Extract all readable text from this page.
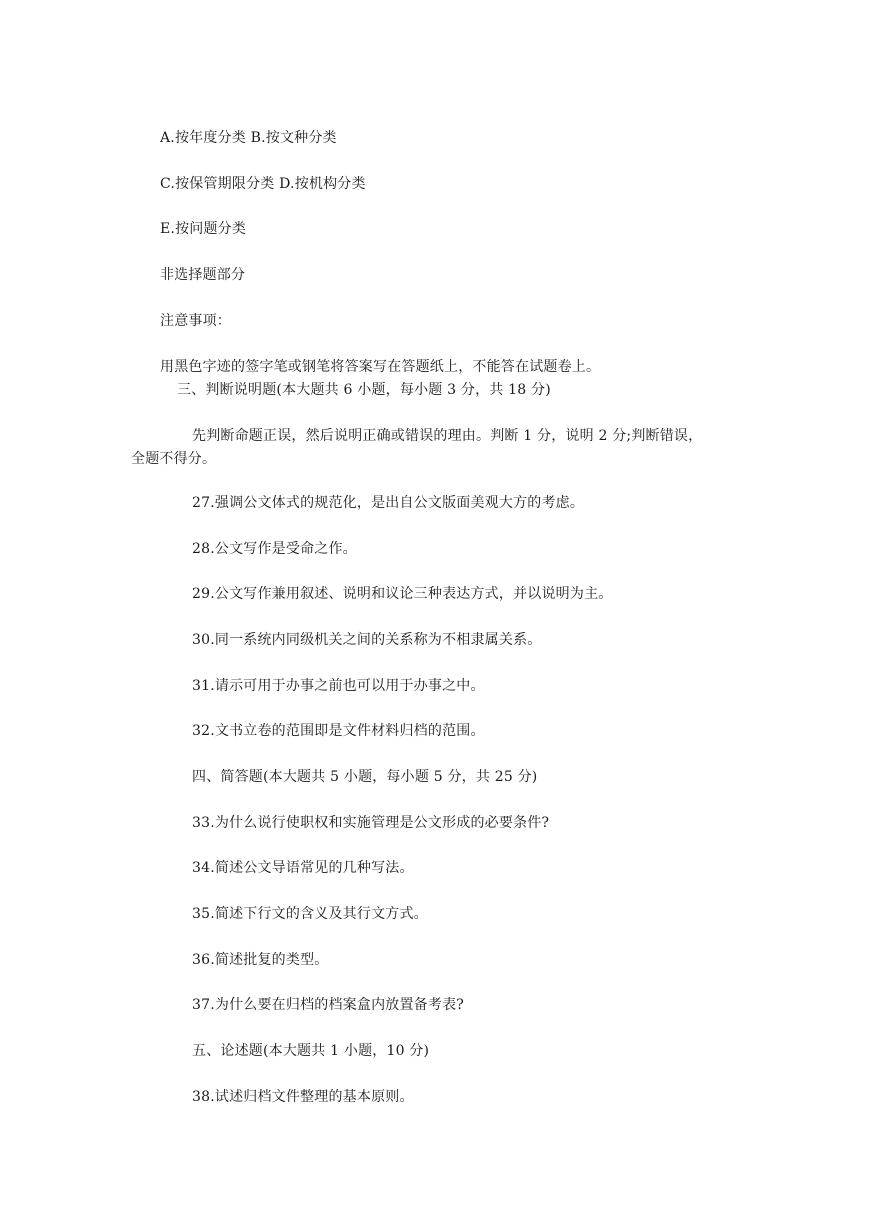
A.按年度分类 B.按文种分类
C.按保管期限分类 D.按机构分类
E.按问题分类
非选择题部分
注意事项：
用黑色字迹的签字笔或钢笔将答案写在答题纸上，不能答在试题卷上。
三、判断说明题(本大题共 6 小题，每小题 3 分，共 18 分)
先判断命题正误，然后说明正确或错误的理由。判断 1 分，说明 2 分;判断错误，
全题不得分。
27.强调公文体式的规范化，是出自公文版面美观大方的考虑。
28.公文写作是受命之作。
29.公文写作兼用叙述、说明和议论三种表达方式，并以说明为主。
30.同一系统内同级机关之间的关系称为不相隶属关系。
31.请示可用于办事之前也可以用于办事之中。
32.文书立卷的范围即是文件材料归档的范围。
四、简答题(本大题共 5 小题，每小题 5 分，共 25 分)
33.为什么说行使职权和实施管理是公文形成的必要条件?
34.简述公文导语常见的几种写法。
35.简述下行文的含义及其行文方式。
36.简述批复的类型。
37.为什么要在归档的档案盒内放置备考表?
五、论述题(本大题共 1 小题，10 分)
38.试述归档文件整理的基本原则。
